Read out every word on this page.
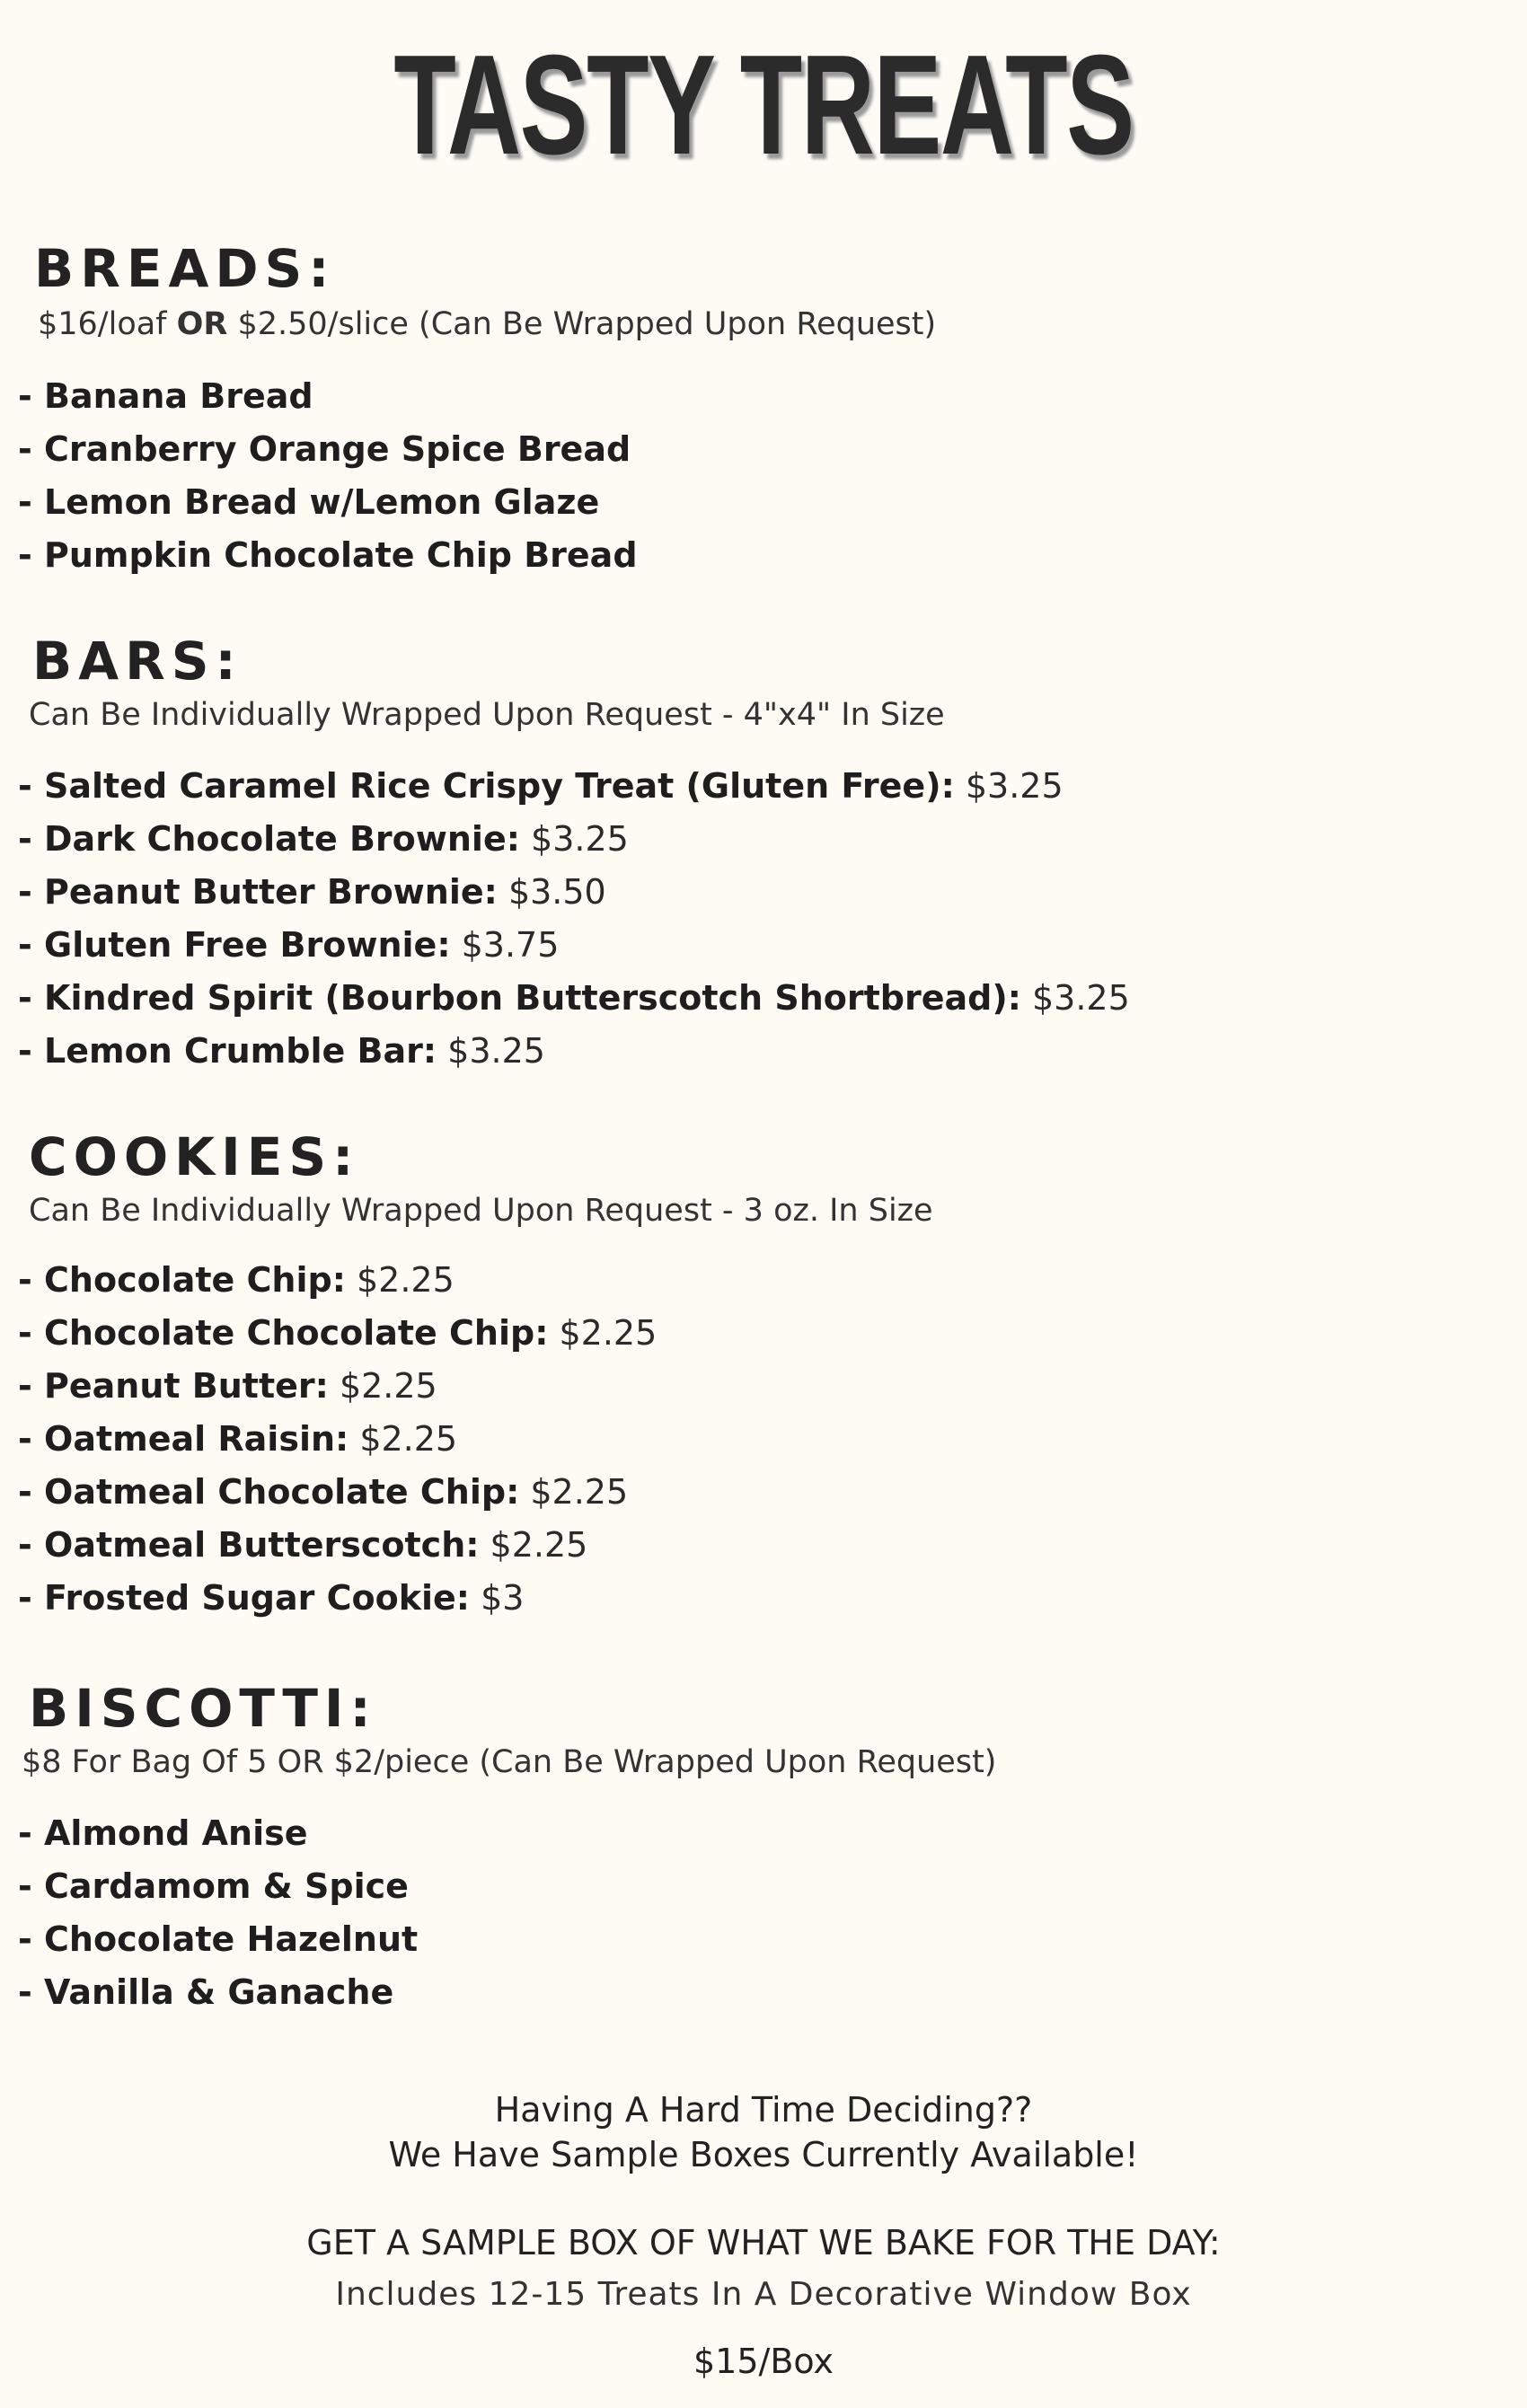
TASTY TREATS
BREADS:
$16/loaf OR $2.50/slice (Can Be Wrapped Upon Request)
- Banana Bread
- Cranberry Orange Spice Bread
- Lemon Bread w/Lemon Glaze
- Pumpkin Chocolate Chip Bread
BARS:
Can Be Individually Wrapped Upon Request - 4"x4" In Size
- Salted Caramel Rice Crispy Treat (Gluten Free): $3.25
- Dark Chocolate Brownie: $3.25
- Peanut Butter Brownie: $3.50
- Gluten Free Brownie: $3.75
- Kindred Spirit (Bourbon Butterscotch Shortbread): $3.25
- Lemon Crumble Bar: $3.25
COOKIES:
Can Be Individually Wrapped Upon Request - 3 oz. In Size
- Chocolate Chip: $2.25
- Chocolate Chocolate Chip: $2.25
- Peanut Butter: $2.25
- Oatmeal Raisin: $2.25
- Oatmeal Chocolate Chip: $2.25
- Oatmeal Butterscotch: $2.25
- Frosted Sugar Cookie: $3
BISCOTTI:
$8 For Bag Of 5 OR $2/piece (Can Be Wrapped Upon Request)
- Almond Anise
- Cardamom & Spice
- Chocolate Hazelnut
- Vanilla & Ganache
Having A Hard Time Deciding??
We Have Sample Boxes Currently Available!
GET A SAMPLE BOX OF WHAT WE BAKE FOR THE DAY:
Includes 12-15 Treats In A Decorative Window Box
$15/Box
